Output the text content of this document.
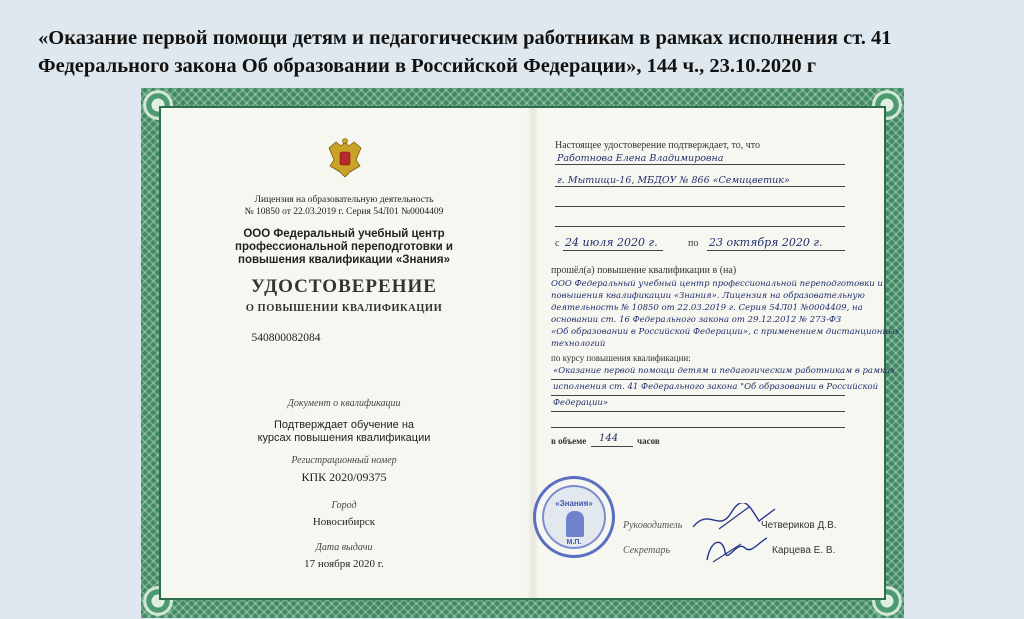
«Оказание первой помощи детям и педагогическим работникам в рамках исполнения ст. 41 Федерального закона Об образовании в Российской Федерации», 144 ч., 23.10.2020 г
Лицензия на образовательную деятельность
№ 10850 от 22.03.2019 г. Серия 54Л01 №0004409
ООО Федеральный учебный центр
профессиональной переподготовки и
повышения квалификации «Знания»
УДОСТОВЕРЕНИЕ
О ПОВЫШЕНИИ КВАЛИФИКАЦИИ
540800082084
Документ о квалификации
Подтверждает обучение на
курсах повышения квалификации
Регистрационный номер
КПК 2020/09375
Город
Новосибирск
Дата выдачи
17 ноября 2020 г.
Настоящее удостоверение подтверждает, то, что
Работнова Елена Владимировна
г. Мытищи-16, МБДОУ № 866 «Семицветик»
с 24 июля 2020 г.	по 23 октября 2020 г.
прошёл(а) повышение квалификации в (на)
ООО Федеральный учебный центр профессиональной переподготовки и
повышения квалификации «Знания». Лицензия на образовательную
деятельность № 10850 от 22.03.2019 г. Серия 54Л01 №0004409, на
основании ст. 16 Федерального закона от 29.12.2012 № 273-ФЗ
«Об образовании в Российской Федерации», с применением дистанционных
технологий
по курсу повышения квалификации:
«Оказание первой помощи детям и педагогическим работникам в рамках
исполнения ст. 41 Федерального закона "Об образовании в Российской
Федерации»
в объеме 144 часов
«Знания»
М.П.
Руководитель	Четвериков Д.В.
Секретарь	Карцева Е. В.
